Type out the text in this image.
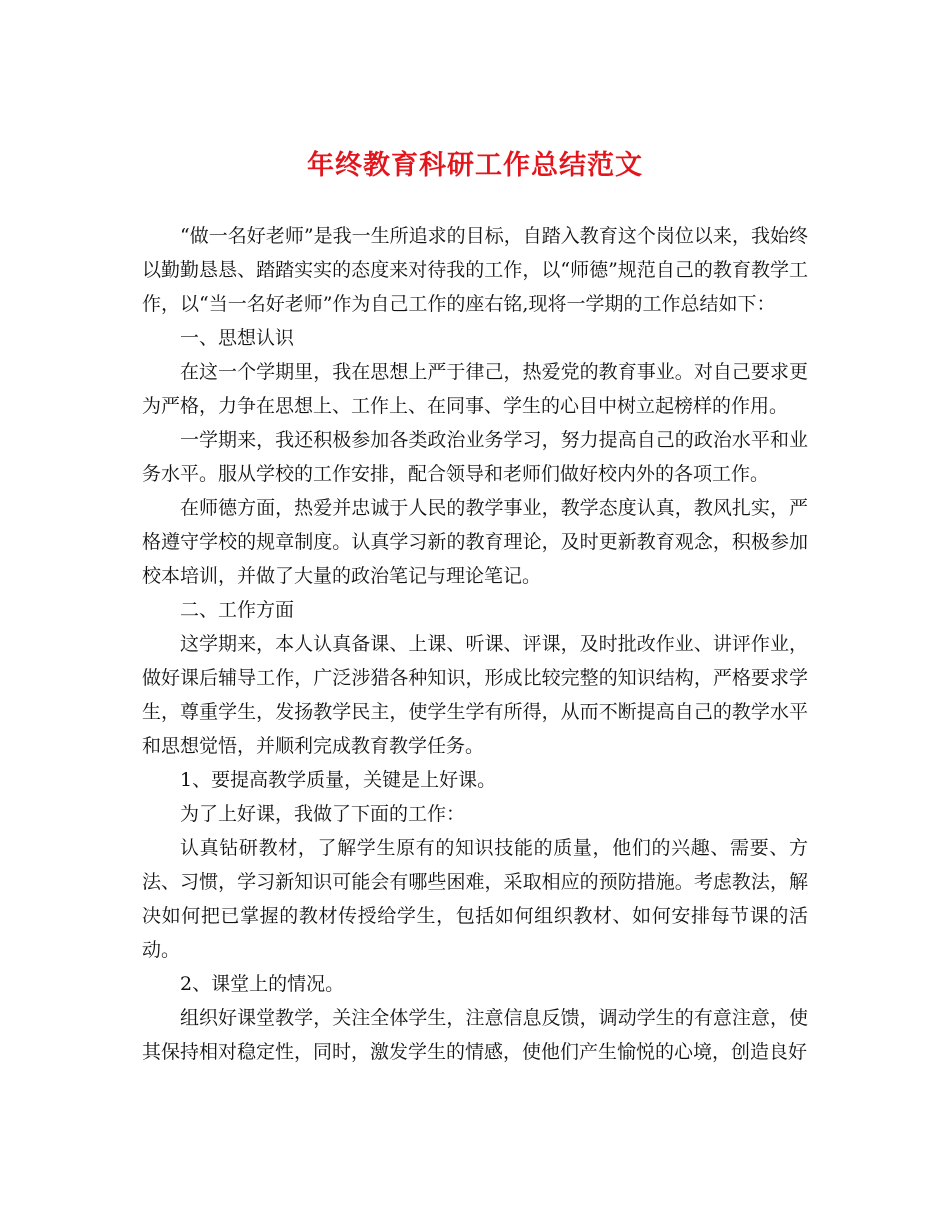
年终教育科研工作总结范文

“做一名好老师”是我一生所追求的目标，自踏入教育这个岗位以来，我始终以勤勤恳恳、踏踏实实的态度来对待我的工作，以“师德”规范自己的教育教学工作，以“当一名好老师”作为自己工作的座右铭,现将一学期的工作总结如下：

一、思想认识

在这一个学期里，我在思想上严于律己，热爱党的教育事业。对自己要求更为严格，力争在思想上、工作上、在同事、学生的心目中树立起榜样的作用。

一学期来，我还积极参加各类政治业务学习，努力提高自己的政治水平和业务水平。服从学校的工作安排，配合领导和老师们做好校内外的各项工作。

在师德方面，热爱并忠诚于人民的教学事业，教学态度认真，教风扎实，严格遵守学校的规章制度。认真学习新的教育理论，及时更新教育观念，积极参加校本培训，并做了大量的政治笔记与理论笔记。

二、工作方面

这学期来，本人认真备课、上课、听课、评课，及时批改作业、讲评作业，做好课后辅导工作，广泛涉猎各种知识，形成比较完整的知识结构，严格要求学生，尊重学生，发扬教学民主，使学生学有所得，从而不断提高自己的教学水平和思想觉悟，并顺利完成教育教学任务。

1、要提高教学质量，关键是上好课。

为了上好课，我做了下面的工作：

认真钻研教材，了解学生原有的知识技能的质量，他们的兴趣、需要、方法、习惯，学习新知识可能会有哪些困难，采取相应的预防措施。考虑教法，解决如何把已掌握的教材传授给学生，包括如何组织教材、如何安排每节课的活动。

2、课堂上的情况。

组织好课堂教学，关注全体学生，注意信息反馈，调动学生的有意注意，使其保持相对稳定性，同时，激发学生的情感，使他们产生愉悦的心境，创造良好
